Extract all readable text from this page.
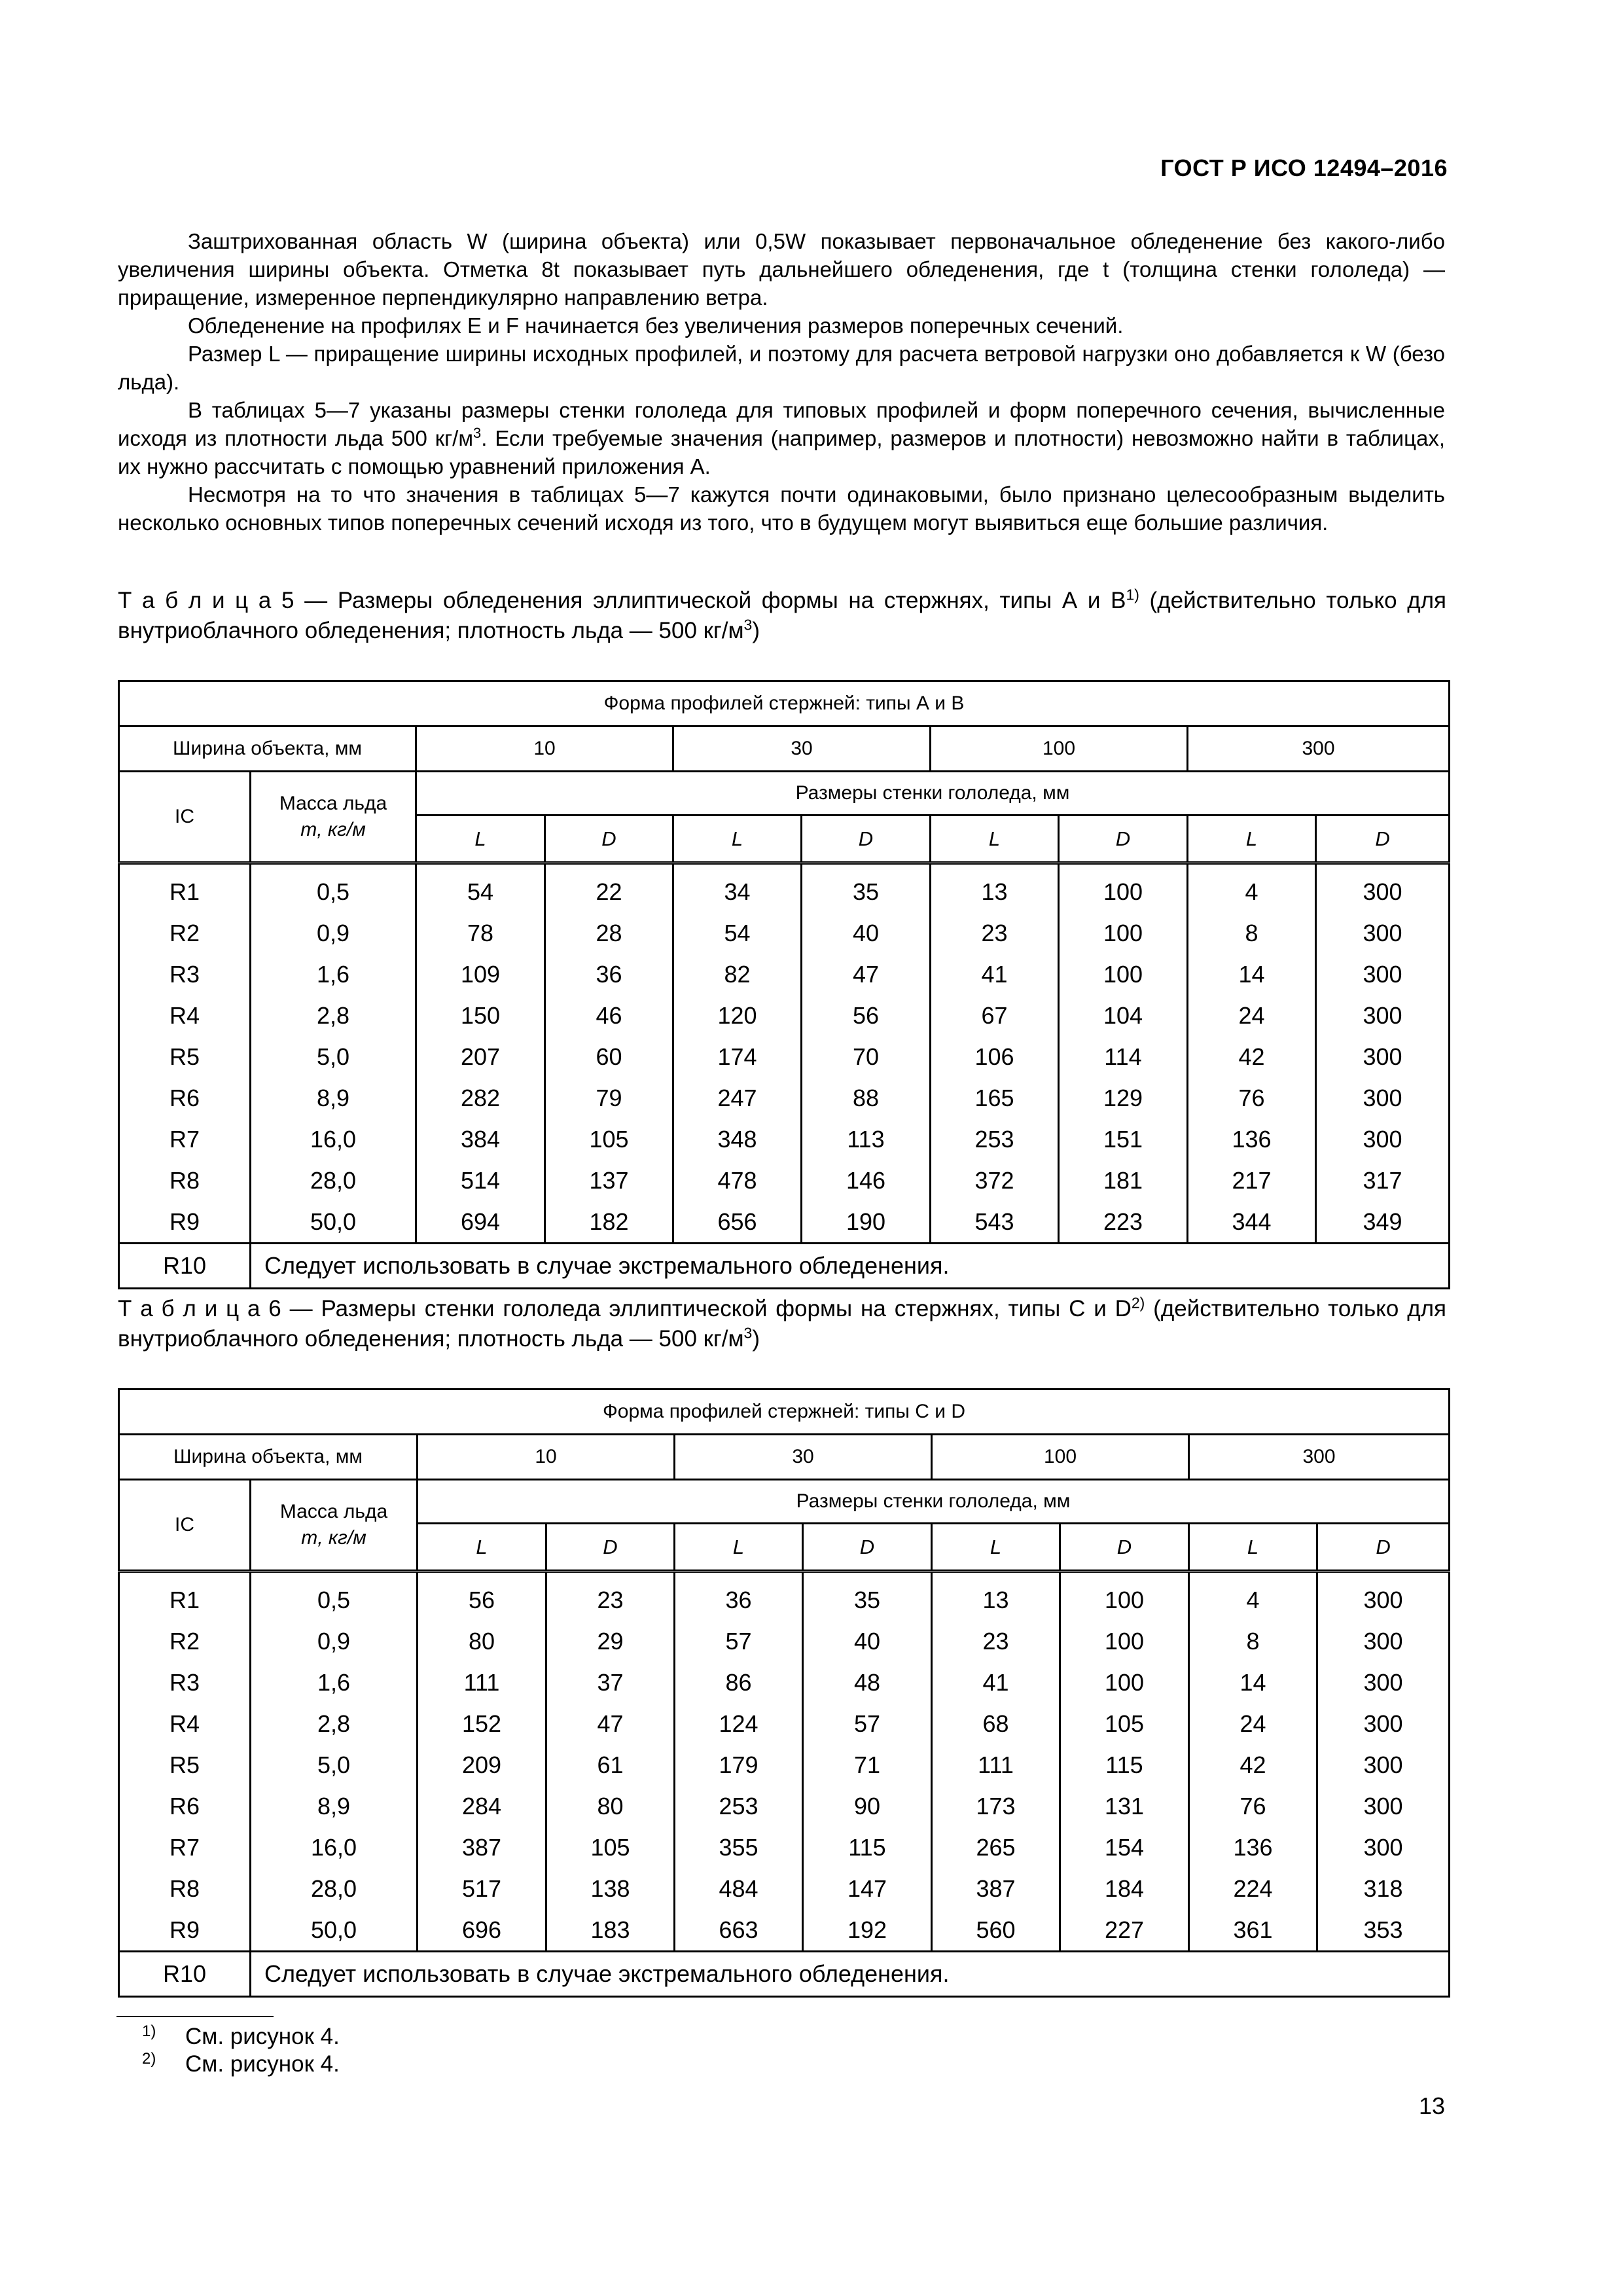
ГОСТ Р ИСО 12494–2016

Заштрихованная область W (ширина объекта) или 0,5W показывает первоначальное обледенение без какого-либо увеличения ширины объекта. Отметка 8t показывает путь дальнейшего обледенения, где t (толщина стенки гололеда) — приращение, измеренное перпендикулярно направлению ветра.

Обледенение на профилях E и F начинается без увеличения размеров поперечных сечений.

Размер L — приращение ширины исходных профилей, и поэтому для расчета ветровой нагрузки оно добавляется к W (безо льда).

В таблицах 5—7 указаны размеры стенки гололеда для типовых профилей и форм поперечного сечения, вычисленные исходя из плотности льда 500 $кг/м^3$. Если требуемые значения (например, размеров и плотности) невозможно найти в таблицах, их нужно рассчитать с помощью уравнений приложения А.

Несмотря на то что значения в таблицах 5—7 кажутся почти одинаковыми, было признано целесообразным выделить несколько основных типов поперечных сечений исходя из того, что в будущем могут выявиться еще большие различия.

Т а б л и ц а 5 — Размеры обледенения эллиптической формы на стержнях, типы А и $В^{1)}$ (действительно только для внутриоблачного обледенения; плотность льда — 500 $кг/м^3$)
Форма профилей стержней: типы А и В									
Ширина объекта, мм		10		30		100		300	
IC	Масса льда
m, кг/м	Размеры стенки гололеда, мм							
		L	D	L	D	L	D	L	D
R1	0,5	54	22	34	35	13	100	4	300
R2	0,9	78	28	54	40	23	100	8	300
R3	1,6	109	36	82	47	41	100	14	300
R4	2,8	150	46	120	56	67	104	24	300
R5	5,0	207	60	174	70	106	114	42	300
R6	8,9	282	79	247	88	165	129	76	300
R7	16,0	384	105	348	113	253	151	136	300
R8	28,0	514	137	478	146	372	181	217	317
R9	50,0	694	182	656	190	543	223	344	349
R10	Следует использовать в случае экстремального обледенения.								
Т а б л и ц а 6 — Размеры стенки гололеда эллиптической формы на стержнях, типы С и $D^{2)}$ (действительно только для внутриоблачного обледенения; плотность льда — 500 $кг/м^3$)
Форма профилей стержней: типы С и D									
Ширина объекта, мм		10		30		100		300	
IC	Масса льда
m, кг/м	Размеры стенки гололеда, мм							
		L	D	L	D	L	D	L	D
R1	0,5	56	23	36	35	13	100	4	300
R2	0,9	80	29	57	40	23	100	8	300
R3	1,6	111	37	86	48	41	100	14	300
R4	2,8	152	47	124	57	68	105	24	300
R5	5,0	209	61	179	71	111	115	42	300
R6	8,9	284	80	253	90	173	131	76	300
R7	16,0	387	105	355	115	265	154	136	300
R8	28,0	517	138	484	147	387	184	224	318
R9	50,0	696	183	663	192	560	227	361	353
R10	Следует использовать в случае экстремального обледенения.								
1) См. рисунок 4.
2) См. рисунок 4.
13
